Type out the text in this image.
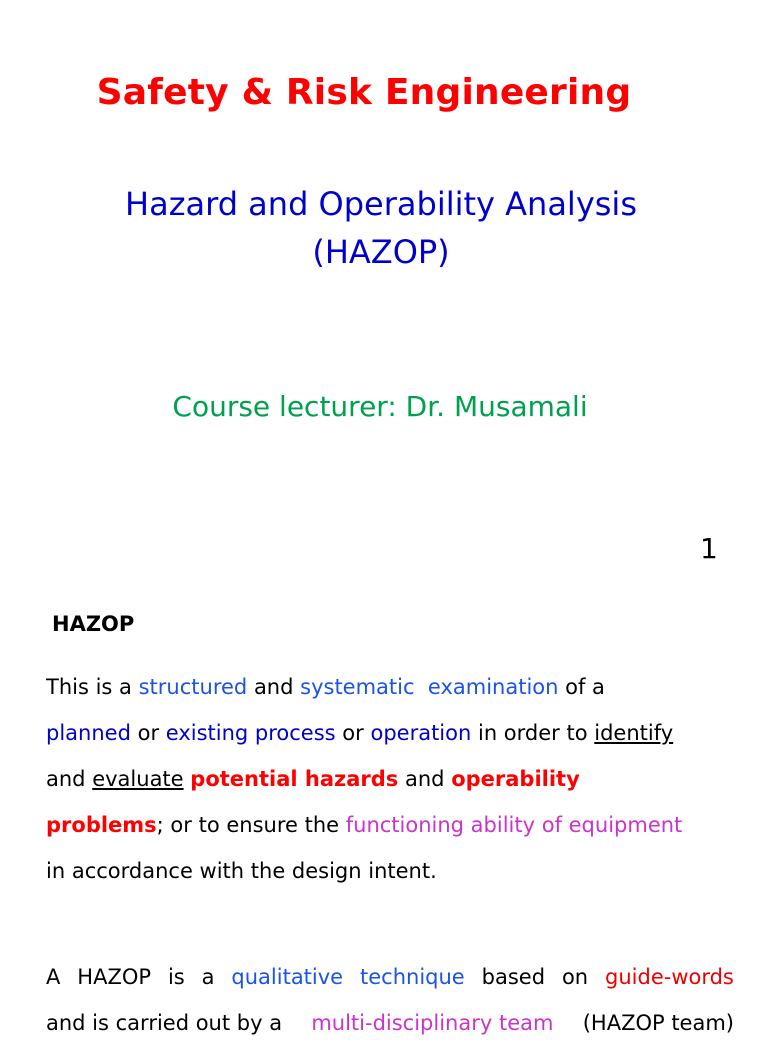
Safety & Risk Engineering
Hazard and Operability Analysis
(HAZOP)
Course lecturer: Dr. Musamali
1
HAZOP
This is a structured and systematic  examination of a
planned or existing process or operation in order to identify
and evaluate potential hazards and operability
problems; or to ensure the functioning ability of equipment
in accordance with the design intent.
A HAZOP is a qualitative technique based on guide-words
and is carried out by a multi-disciplinary team (HAZOP team)
